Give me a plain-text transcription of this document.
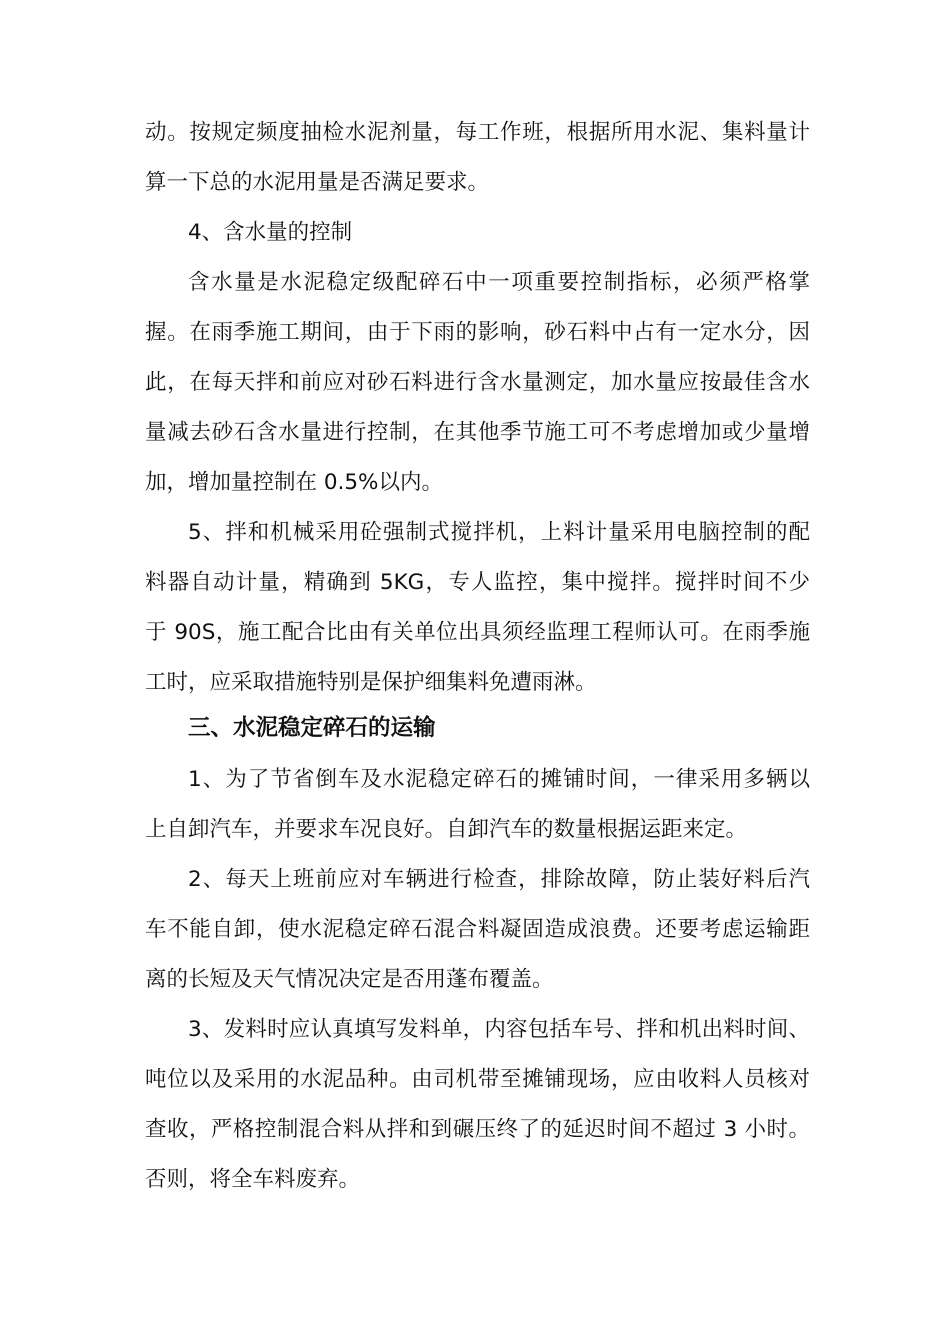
动。按规定频度抽检水泥剂量，每工作班，根据所用水泥、集料量计
算一下总的水泥用量是否满足要求。
4、含水量的控制
含水量是水泥稳定级配碎石中一项重要控制指标，必须严格掌
握。在雨季施工期间，由于下雨的影响，砂石料中占有一定水分，因
此，在每天拌和前应对砂石料进行含水量测定，加水量应按最佳含水
量减去砂石含水量进行控制，在其他季节施工可不考虑增加或少量增
加，增加量控制在 0.5%以内。
5、拌和机械采用砼强制式搅拌机，上料计量采用电脑控制的配
料器自动计量，精确到 5KG，专人监控，集中搅拌。搅拌时间不少
于 90S，施工配合比由有关单位出具须经监理工程师认可。在雨季施
工时，应采取措施特别是保护细集料免遭雨淋。
三、水泥稳定碎石的运输
1、为了节省倒车及水泥稳定碎石的摊铺时间，一律采用多辆以
上自卸汽车，并要求车况良好。自卸汽车的数量根据运距来定。
2、每天上班前应对车辆进行检查，排除故障，防止装好料后汽
车不能自卸，使水泥稳定碎石混合料凝固造成浪费。还要考虑运输距
离的长短及天气情况决定是否用蓬布覆盖。
3、发料时应认真填写发料单，内容包括车号、拌和机出料时间、
吨位以及采用的水泥品种。由司机带至摊铺现场，应由收料人员核对
查收，严格控制混合料从拌和到碾压终了的延迟时间不超过 3 小时。
否则，将全车料废弃。
